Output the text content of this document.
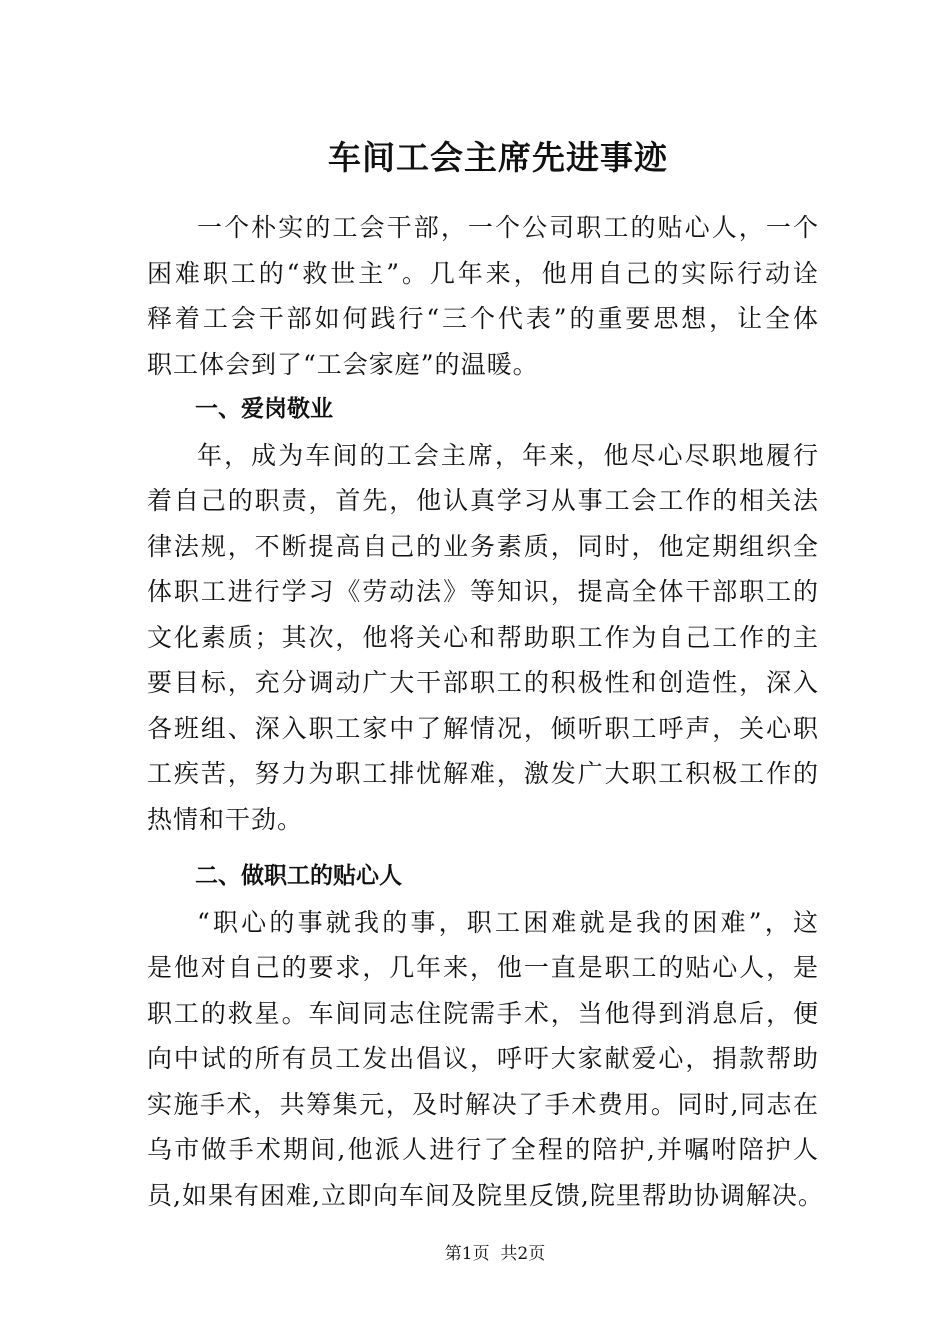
车间工会主席先进事迹
一个朴实的工会干部，一个公司职工的贴心人，一个
困难职工的“救世主”。几年来，他用自己的实际行动诠
释着工会干部如何践行“三个代表”的重要思想，让全体
职工体会到了“工会家庭”的温暖。
一、爱岗敬业
年，成为车间的工会主席，年来，他尽心尽职地履行
着自己的职责，首先，他认真学习从事工会工作的相关法
律法规，不断提高自己的业务素质，同时，他定期组织全
体职工进行学习《劳动法》等知识，提高全体干部职工的
文化素质；其次，他将关心和帮助职工作为自己工作的主
要目标，充分调动广大干部职工的积极性和创造性，深入
各班组、深入职工家中了解情况，倾听职工呼声，关心职
工疾苦，努力为职工排忧解难，激发广大职工积极工作的
热情和干劲。
二、做职工的贴心人
“职心的事就我的事，职工困难就是我的困难”，这
是他对自己的要求，几年来，他一直是职工的贴心人，是
职工的救星。车间同志住院需手术，当他得到消息后，便
向中试的所有员工发出倡议，呼吁大家献爱心，捐款帮助
实施手术，共筹集元，及时解决了手术费用。同时,同志在
乌市做手术期间,他派人进行了全程的陪护,并嘱咐陪护人
员,如果有困难,立即向车间及院里反馈,院里帮助协调解决。
第1页  共2页
